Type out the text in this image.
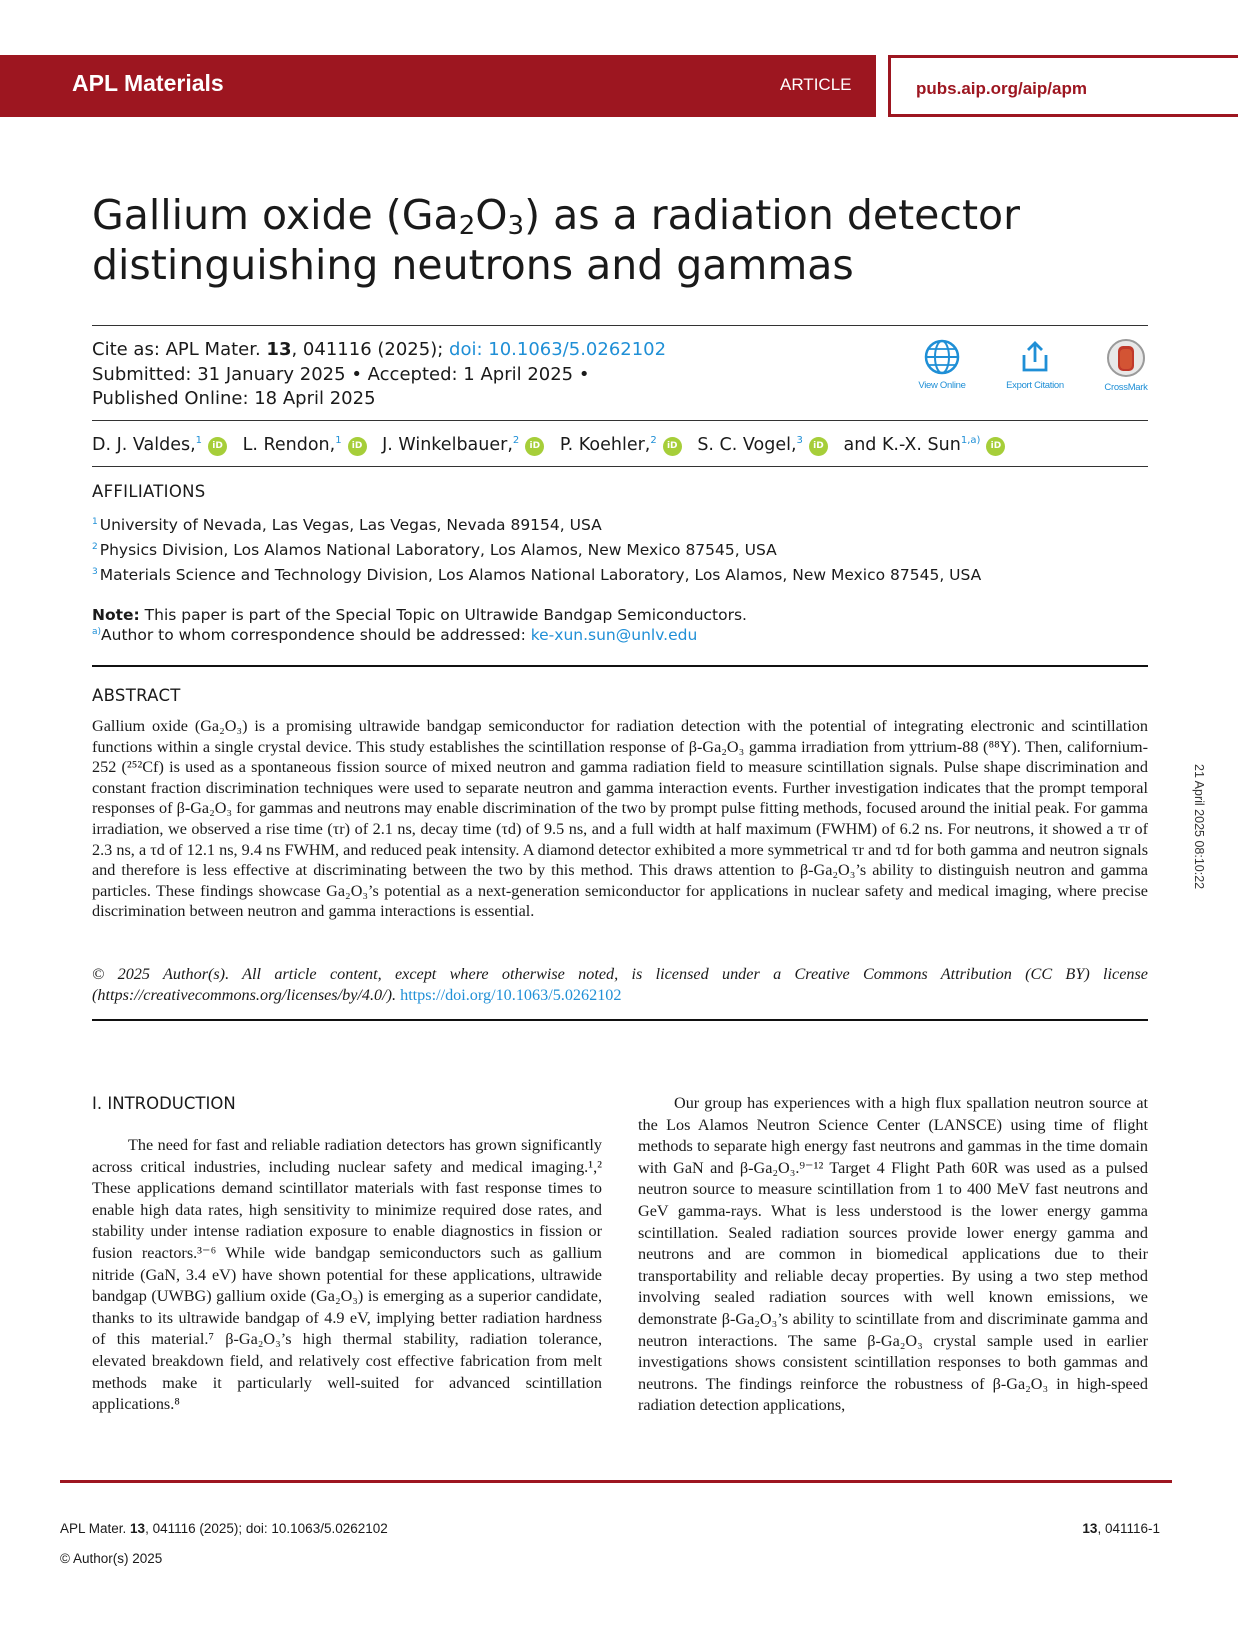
APL Materials	ARTICLE	pubs.aip.org/aip/apm
Gallium oxide $(Ga_2O_3)$ as a radiation detector
distinguishing neutrons and gammas
Cite as: APL Mater. 13, 041116 (2025); doi: 10.1063/5.0262102
Submitted: 31 January 2025 • Accepted: 1 April 2025 •
Published Online: 18 April 2025
View Online	Export Citation	CrossMark
D. J. Valdes,$^1$ iD L. Rendon,$^1$ iD J. Winkelbauer,$^2$ iD P. Koehler,$^2$ iD S. C. Vogel,$^3$ iD and K.-X. Sun$^{1,a)}$ iD
AFFILIATIONS
$^1$ University of Nevada, Las Vegas, Las Vegas, Nevada 89154, USA
$^2$ Physics Division, Los Alamos National Laboratory, Los Alamos, New Mexico 87545, USA
$^3$ Materials Science and Technology Division, Los Alamos National Laboratory, Los Alamos, New Mexico 87545, USA
Note: This paper is part of the Special Topic on Ultrawide Bandgap Semiconductors.
$^{a)}$Author to whom correspondence should be addressed: ke-xun.sun@unlv.edu
ABSTRACT
Gallium oxide (Ga₂O₃) is a promising ultrawide bandgap semiconductor for radiation detection with the potential of integrating electronic and scintillation functions within a single crystal device. This study establishes the scintillation response of β-Ga₂O₃ gamma irradiation from yttrium-88 (⁸⁸Y). Then, californium-252 (²⁵²Cf) is used as a spontaneous fission source of mixed neutron and gamma radiation field to measure scintillation signals. Pulse shape discrimination and constant fraction discrimination techniques were used to separate neutron and gamma interaction events. Further investigation indicates that the prompt temporal responses of β-Ga₂O₃ for gammas and neutrons may enable discrimination of the two by prompt pulse fitting methods, focused around the initial peak. For gamma irradiation, we observed a rise time (τr) of 2.1 ns, decay time (τd) of 9.5 ns, and a full width at half maximum (FWHM) of 6.2 ns. For neutrons, it showed a τr of 2.3 ns, a τd of 12.1 ns, 9.4 ns FWHM, and reduced peak intensity. A diamond detector exhibited a more symmetrical τr and τd for both gamma and neutron signals and therefore is less effective at discriminating between the two by this method. This draws attention to β-Ga₂O₃’s ability to distinguish neutron and gamma particles. These findings showcase Ga₂O₃’s potential as a next-generation semiconductor for applications in nuclear safety and medical imaging, where precise discrimination between neutron and gamma interactions is essential.
© 2025 Author(s). All article content, except where otherwise noted, is licensed under a Creative Commons Attribution (CC BY) license (https://creativecommons.org/licenses/by/4.0/). https://doi.org/10.1063/5.0262102
21 April 2025 08:10:22
I. INTRODUCTION
The need for fast and reliable radiation detectors has grown significantly across critical industries, including nuclear safety and medical imaging.¹,² These applications demand scintillator materials with fast response times to enable high data rates, high sensitivity to minimize required dose rates, and stability under intense radiation exposure to enable diagnostics in fission or fusion reactors.³⁻⁶ While wide bandgap semiconductors such as gallium nitride (GaN, 3.4 eV) have shown potential for these applications, ultrawide bandgap (UWBG) gallium oxide (Ga₂O₃) is emerging as a superior candidate, thanks to its ultrawide bandgap of 4.9 eV, implying better radiation hardness of this material.⁷ β-Ga₂O₃’s high thermal stability, radiation tolerance, elevated breakdown field, and relatively cost effective fabrication from melt methods make it particularly well-suited for advanced scintillation applications.⁸
Our group has experiences with a high flux spallation neutron source at the Los Alamos Neutron Science Center (LANSCE) using time of flight methods to separate high energy fast neutrons and gammas in the time domain with GaN and β-Ga₂O₃.⁹⁻¹² Target 4 Flight Path 60R was used as a pulsed neutron source to measure scintillation from 1 to 400 MeV fast neutrons and GeV gamma-rays. What is less understood is the lower energy gamma scintillation. Sealed radiation sources provide lower energy gamma and neutrons and are common in biomedical applications due to their transportability and reliable decay properties. By using a two step method involving sealed radiation sources with well known emissions, we demonstrate β-Ga₂O₃’s ability to scintillate from and discriminate gamma and neutron interactions. The same β-Ga₂O₃ crystal sample used in earlier investigations shows consistent scintillation responses to both gammas and neutrons. The findings reinforce the robustness of β-Ga₂O₃ in high-speed radiation detection applications,
APL Mater. 13, 041116 (2025); doi: 10.1063/5.0262102
© Author(s) 2025
13, 041116-1
